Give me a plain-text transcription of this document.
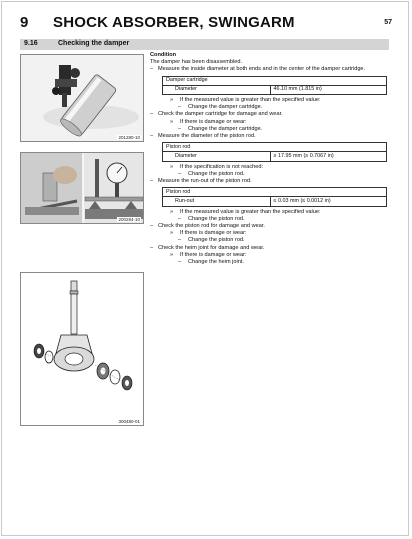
9 SHOCK ABSORBER, SWINGARM	57
9.16	Checking the damper
201280-10
200284-10
300480-01
Condition
The damper has been disassembled.
– Measure the inside diameter at both ends and in the center of the damper cartridge.
Damper cartridge
Diameter	46.10 mm (1.815 in)
» If the measured value is greater than the specified value:
– Change the damper cartridge.
– Check the damper cartridge for damage and wear.
» If there is damage or wear:
– Change the damper cartridge.
– Measure the diameter of the piston rod.
Piston rod
Diameter	≥ 17.95 mm (≥ 0.7067 in)
» If the specification is not reached:
– Change the piston rod.
– Measure the run-out of the piston rod.
Piston rod
Run-out	≤ 0.03 mm (≤ 0.0012 in)
» If the measured value is greater than the specified value:
– Change the piston rod.
– Check the piston rod for damage and wear.
» If there is damage or wear:
– Change the piston rod.
– Check the heim joint for damage and wear.
» If there is damage or wear:
– Change the heim joint.
